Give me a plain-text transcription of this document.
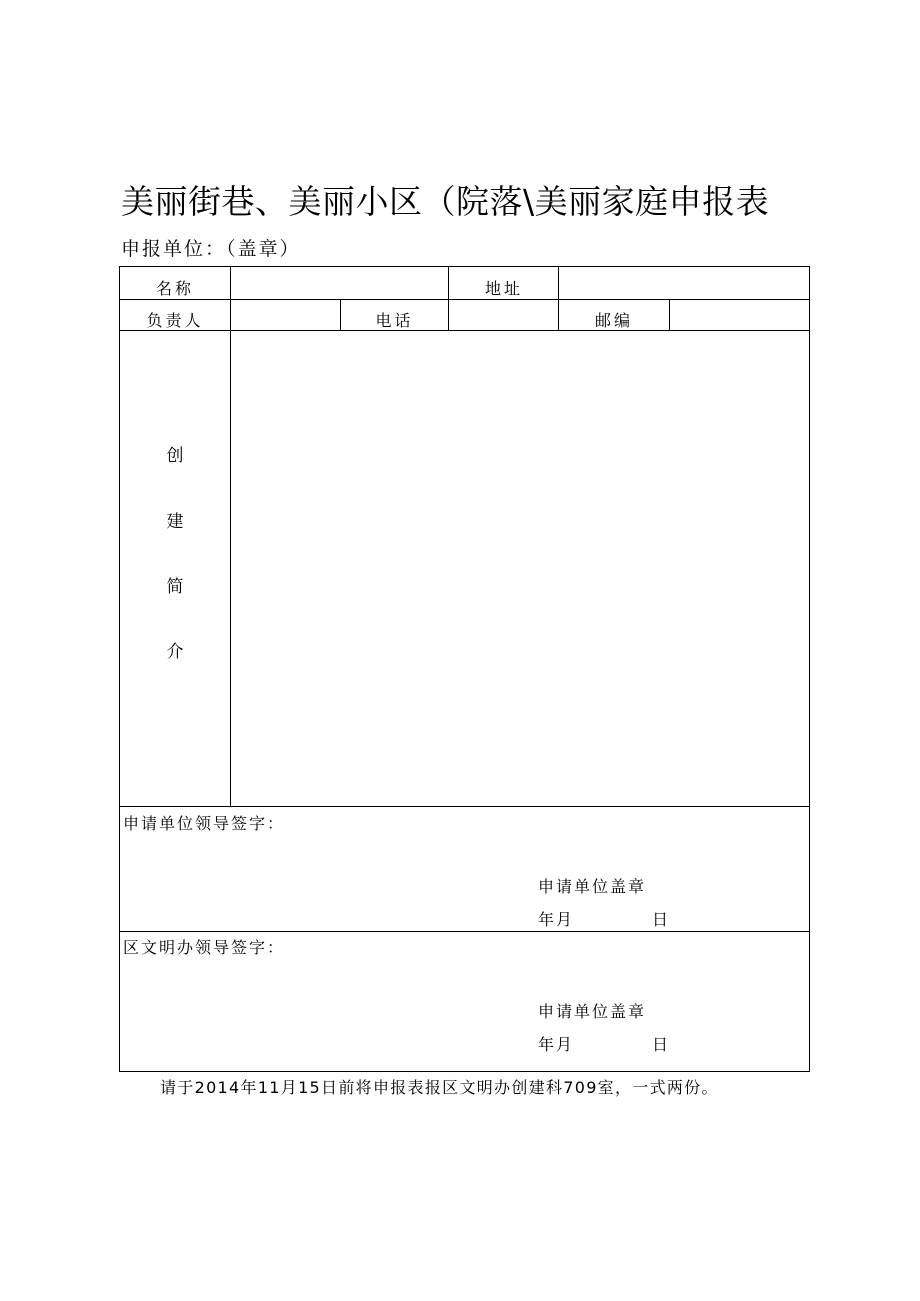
美丽街巷、美丽小区（院落\美丽家庭申报表
申报单位：（盖章）
名称	地址
负责人	电话	邮编
创
建
简
介
申请单位领导签字：
申请单位盖章
年月	日
区文明办领导签字：
申请单位盖章
年月	日
请于2014年11月15日前将申报表报区文明办创建科709室，一式两份。
